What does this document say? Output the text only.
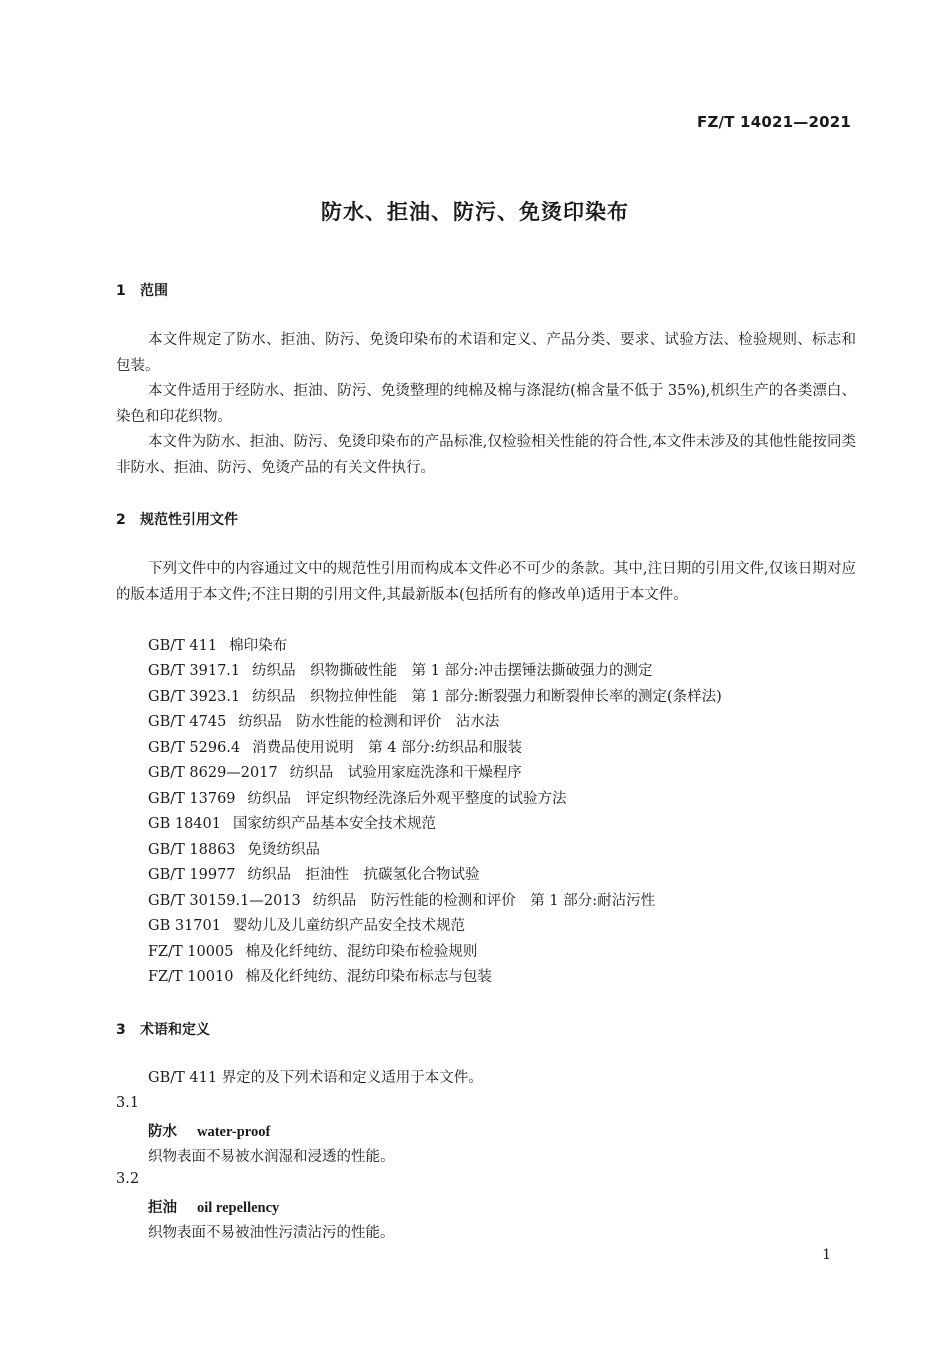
FZ/T 14021—2021
防水、拒油、防污、免烫印染布
1 范围
本文件规定了防水、拒油、防污、免烫印染布的术语和定义、产品分类、要求、试验方法、检验规则、标志和包装。
本文件适用于经防水、拒油、防污、免烫整理的纯棉及棉与涤混纺(棉含量不低于 35%),机织生产的各类漂白、染色和印花织物。
本文件为防水、拒油、防污、免烫印染布的产品标准,仅检验相关性能的符合性,本文件未涉及的其他性能按同类非防水、拒油、防污、免烫产品的有关文件执行。
2 规范性引用文件
下列文件中的内容通过文中的规范性引用而构成本文件必不可少的条款。其中,注日期的引用文件,仅该日期对应的版本适用于本文件;不注日期的引用文件,其最新版本(包括所有的修改单)适用于本文件。
GB/T 411 棉印染布
GB/T 3917.1 纺织品　织物撕破性能　第 1 部分:冲击摆锤法撕破强力的测定
GB/T 3923.1 纺织品　织物拉伸性能　第 1 部分:断裂强力和断裂伸长率的测定(条样法)
GB/T 4745 纺织品　防水性能的检测和评价　沾水法
GB/T 5296.4 消费品使用说明　第 4 部分:纺织品和服装
GB/T 8629—2017 纺织品　试验用家庭洗涤和干燥程序
GB/T 13769 纺织品　评定织物经洗涤后外观平整度的试验方法
GB 18401 国家纺织产品基本安全技术规范
GB/T 18863 免烫纺织品
GB/T 19977 纺织品　拒油性　抗碳氢化合物试验
GB/T 30159.1—2013 纺织品　防污性能的检测和评价　第 1 部分:耐沾污性
GB 31701 婴幼儿及儿童纺织产品安全技术规范
FZ/T 10005 棉及化纤纯纺、混纺印染布检验规则
FZ/T 10010 棉及化纤纯纺、混纺印染布标志与包装
3 术语和定义
GB/T 411 界定的及下列术语和定义适用于本文件。
3.1
防水 water-proof
织物表面不易被水润湿和浸透的性能。
3.2
拒油 oil repellency
织物表面不易被油性污渍沾污的性能。
1
